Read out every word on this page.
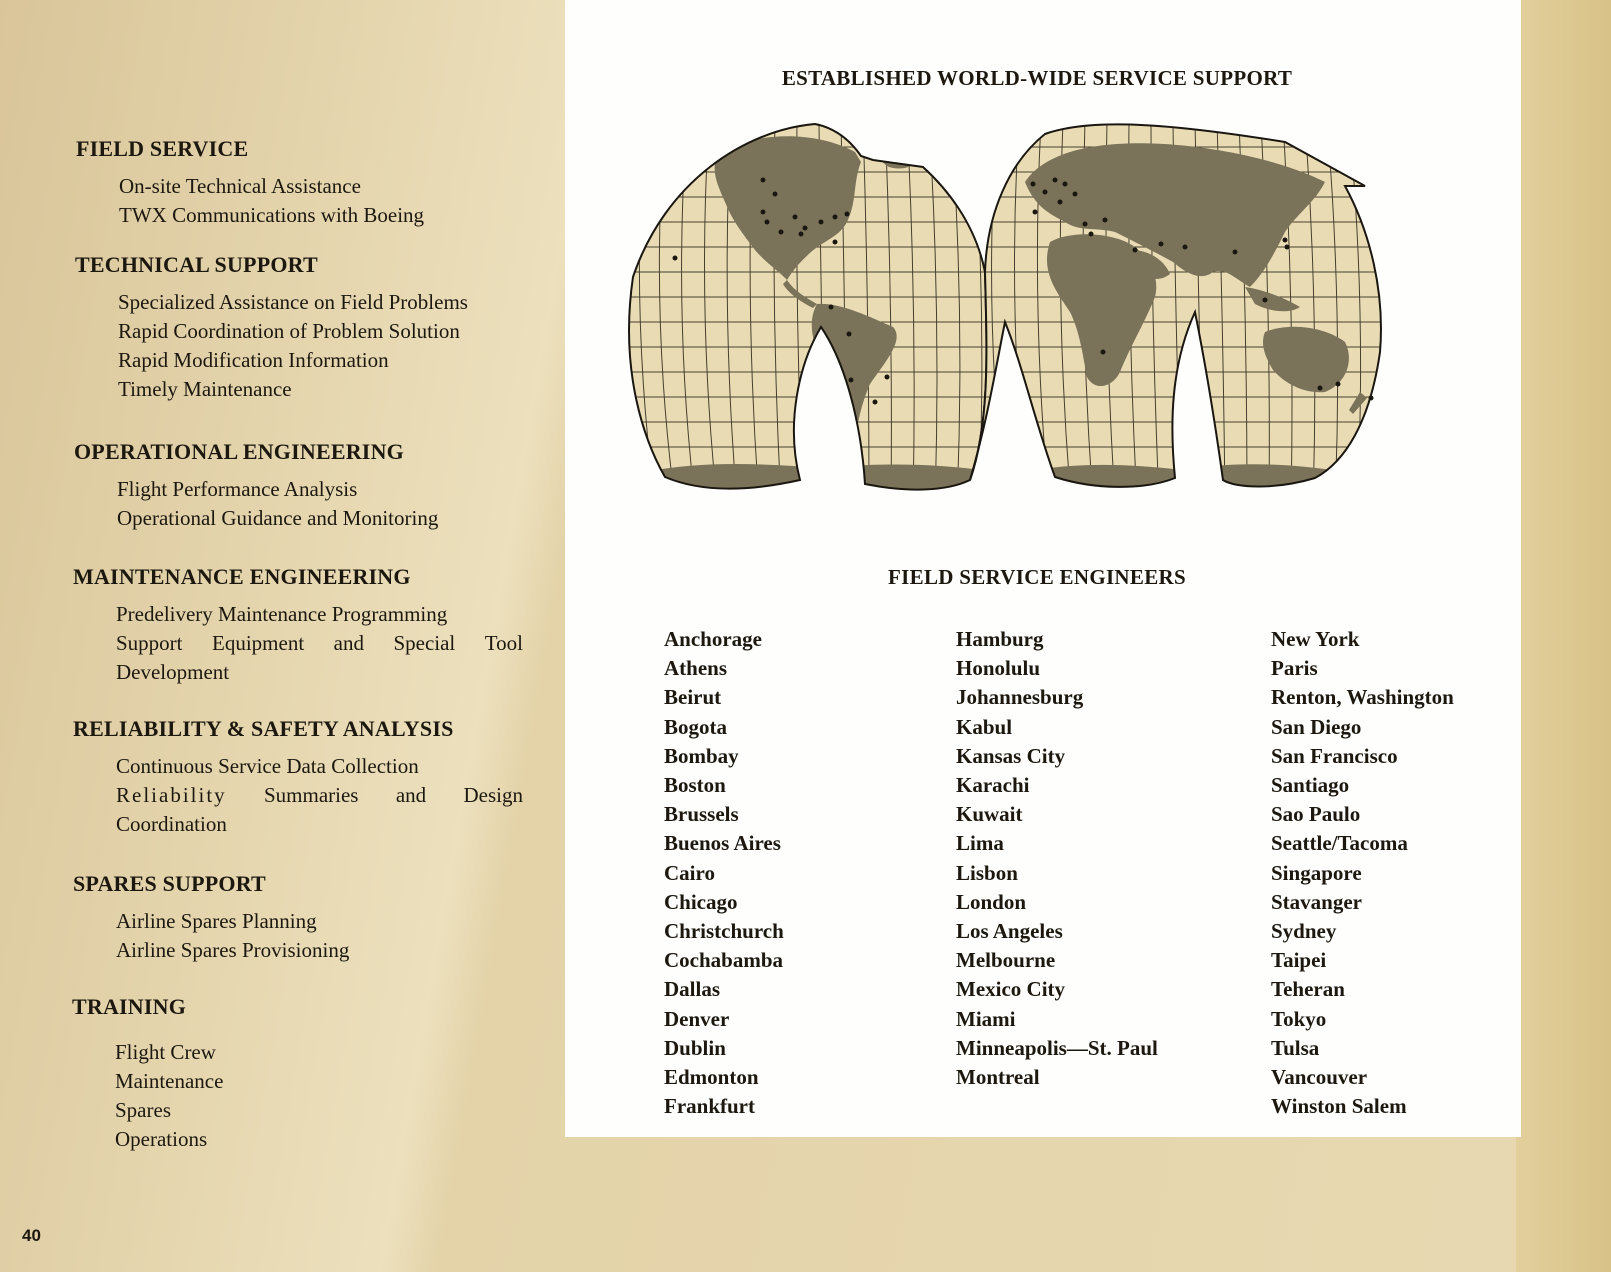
FIELD SERVICE
On-site Technical Assistance
TWX Communications with Boeing
TECHNICAL SUPPORT
Specialized Assistance on Field Problems
Rapid Coordination of Problem Solution
Rapid Modification Information
Timely Maintenance
OPERATIONAL ENGINEERING
Flight Performance Analysis
Operational Guidance and Monitoring
MAINTENANCE ENGINEERING
Predelivery Maintenance Programming
Support Equipment and Special Tool
Development
RELIABILITY & SAFETY ANALYSIS
Continuous Service Data Collection
Reliability Summaries and Design
Coordination
SPARES SUPPORT
Airline Spares Planning
Airline Spares Provisioning
TRAINING
Flight Crew
Maintenance
Spares
Operations
40
ESTABLISHED WORLD-WIDE SERVICE SUPPORT
FIELD SERVICE ENGINEERS
Anchorage
Athens
Beirut
Bogota
Bombay
Boston
Brussels
Buenos Aires
Cairo
Chicago
Christchurch
Cochabamba
Dallas
Denver
Dublin
Edmonton
Frankfurt
Hamburg
Honolulu
Johannesburg
Kabul
Kansas City
Karachi
Kuwait
Lima
Lisbon
London
Los Angeles
Melbourne
Mexico City
Miami
Minneapolis—St. Paul
Montreal
New York
Paris
Renton, Washington
San Diego
San Francisco
Santiago
Sao Paulo
Seattle/Tacoma
Singapore
Stavanger
Sydney
Taipei
Teheran
Tokyo
Tulsa
Vancouver
Winston Salem
